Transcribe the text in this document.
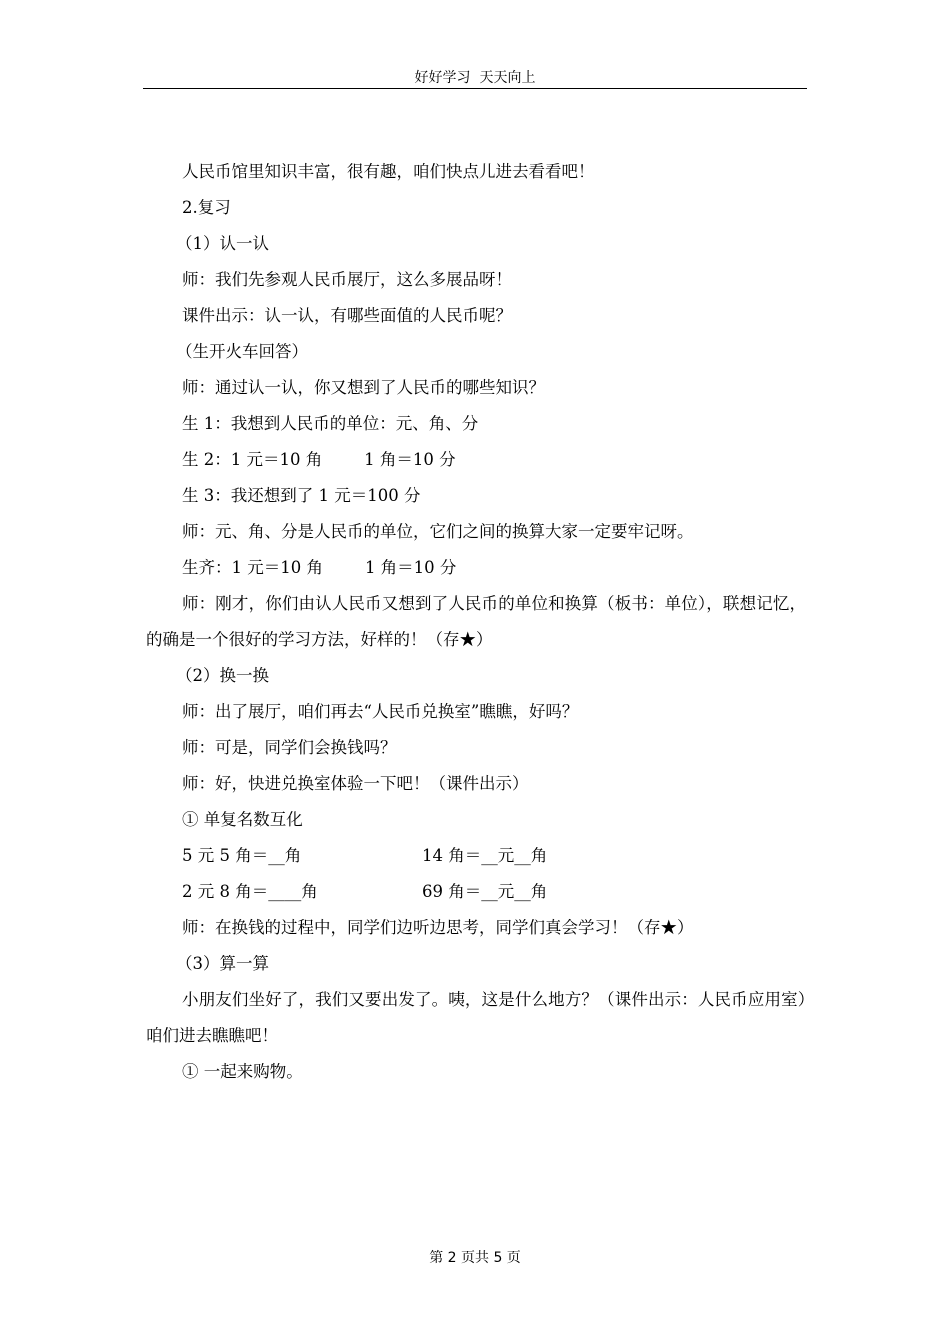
好好学习  天天向上

人民币馆里知识丰富，很有趣，咱们快点儿进去看看吧！

2.复习

（1）认一认

师：我们先参观人民币展厅，这么多展品呀！

课件出示：认一认，有哪些面值的人民币呢？

（生开火车回答）

师：通过认一认，你又想到了人民币的哪些知识？

生 1：我想到人民币的单位：元、角、分

生 2：1 元＝10 角        1 角＝10 分

生 3：我还想到了 1 元＝100 分

师：元、角、分是人民币的单位，它们之间的换算大家一定要牢记呀。

生齐：1 元＝10 角        1 角＝10 分

师：刚才，你们由认人民币又想到了人民币的单位和换算（板书：单位），联想记忆，的确是一个很好的学习方法，好样的！（存★）

（2）换一换

师：出了展厅，咱们再去“人民币兑换室”瞧瞧，好吗？

师：可是，同学们会换钱吗？

师：好，快进兑换室体验一下吧！（课件出示）

① 单复名数互化

5 元 5 角＝__角	14 角＝__元__角
2 元 8 角＝____角	69 角＝__元__角

师：在换钱的过程中，同学们边听边思考，同学们真会学习！（存★）

（3）算一算

小朋友们坐好了，我们又要出发了。咦，这是什么地方？（课件出示：人民币应用室）咱们进去瞧瞧吧！

① 一起来购物。

第 2 页共 5 页
